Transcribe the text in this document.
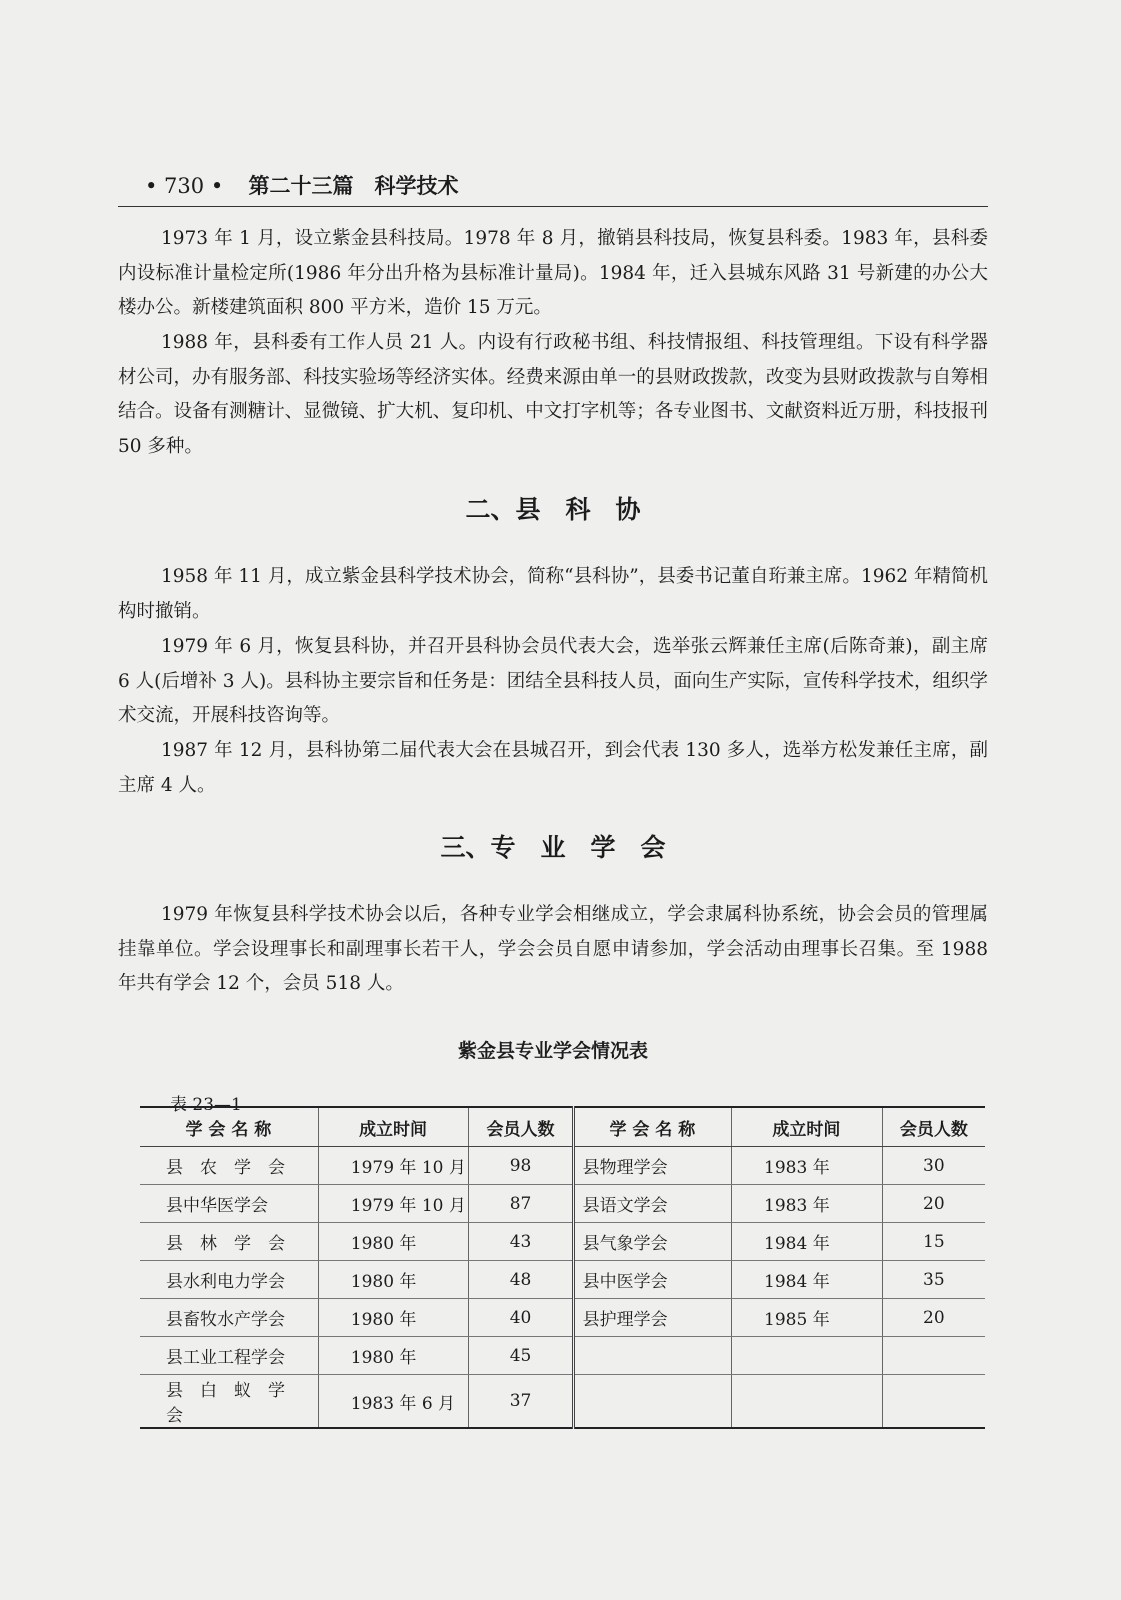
• 730 • 第二十三篇　科学技术

1973 年 1 月，设立紫金县科技局。1978 年 8 月，撤销县科技局，恢复县科委。1983 年，县科委内设标准计量检定所(1986 年分出升格为县标准计量局)。1984 年，迁入县城东风路 31 号新建的办公大楼办公。新楼建筑面积 800 平方米，造价 15 万元。

1988 年，县科委有工作人员 21 人。内设有行政秘书组、科技情报组、科技管理组。下设有科学器材公司，办有服务部、科技实验场等经济实体。经费来源由单一的县财政拨款，改变为县财政拨款与自筹相结合。设备有测糖计、显微镜、扩大机、复印机、中文打字机等；各专业图书、文献资料近万册，科技报刊 50 多种。

二、县　科　协

1958 年 11 月，成立紫金县科学技术协会，简称“县科协”，县委书记董自珩兼主席。1962 年精简机构时撤销。

1979 年 6 月，恢复县科协，并召开县科协会员代表大会，选举张云辉兼任主席(后陈奇兼)，副主席 6 人(后增补 3 人)。县科协主要宗旨和任务是：团结全县科技人员，面向生产实际，宣传科学技术，组织学术交流，开展科技咨询等。

1987 年 12 月，县科协第二届代表大会在县城召开，到会代表 130 多人，选举方松发兼任主席，副主席 4 人。

三、专　业　学　会

1979 年恢复县科学技术协会以后，各种专业学会相继成立，学会隶属科协系统，协会会员的管理属挂靠单位。学会设理事长和副理事长若干人，学会会员自愿申请参加，学会活动由理事长召集。至 1988 年共有学会 12 个，会员 518 人。

紫金县专业学会情况表

表 23—1

学 会 名 称	成立时间	会员人数	学 会 名 称	成立时间	会员人数
县　农　学　会	1979 年 10 月	98	县物理学会	1983 年	30
县中华医学会	1979 年 10 月	87	县语文学会	1983 年	20
县　林　学　会	1980 年	43	县气象学会	1984 年	15
县水利电力学会	1980 年	48	县中医学会	1984 年	35
县畜牧水产学会	1980 年	40	县护理学会	1985 年	20
县工业工程学会	1980 年	45			
县　白　蚁　学　会	1983 年 6 月	37			
